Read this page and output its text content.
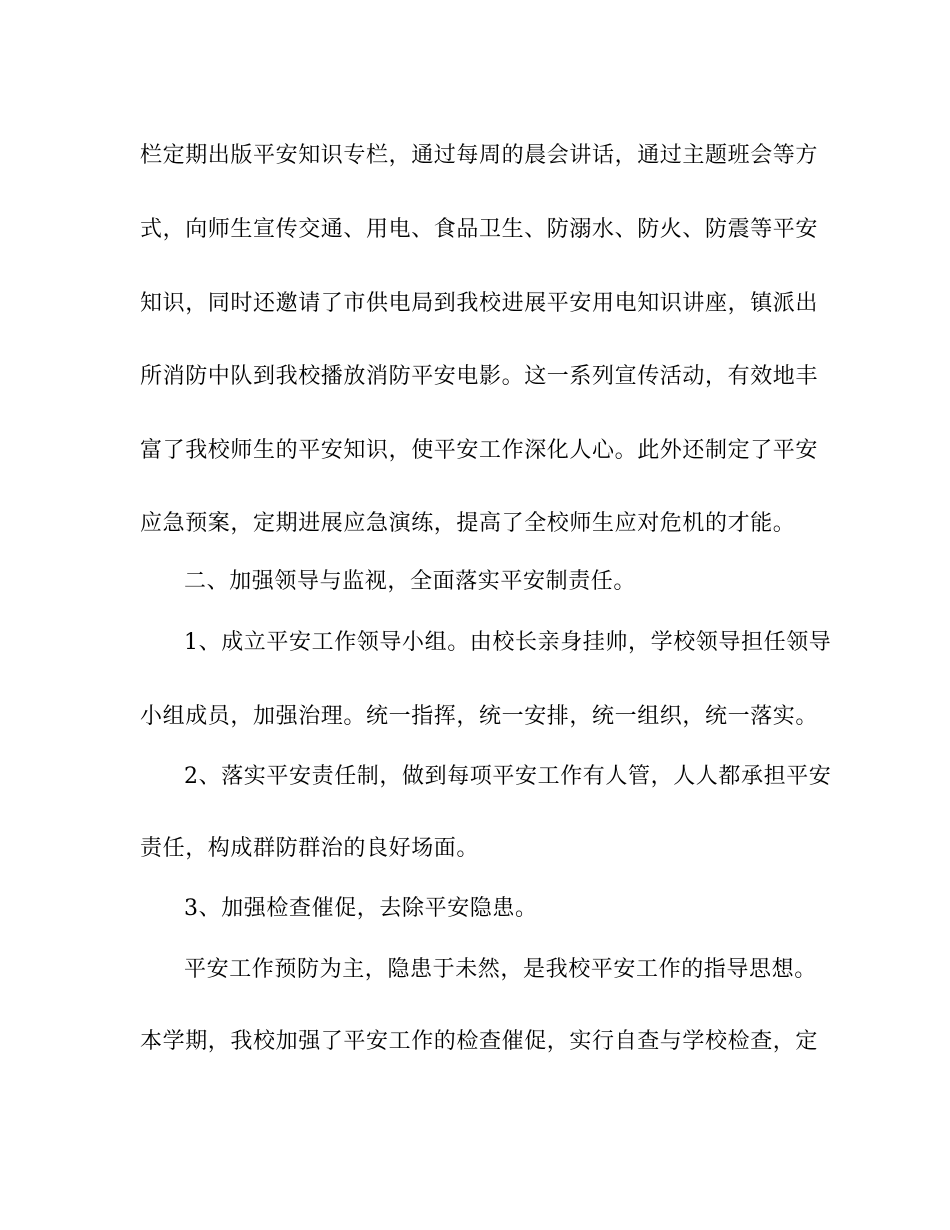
栏定期出版平安知识专栏，通过每周的晨会讲话，通过主题班会等方
式，向师生宣传交通、用电、食品卫生、防溺水、防火、防震等平安
知识，同时还邀请了市供电局到我校进展平安用电知识讲座，镇派出
所消防中队到我校播放消防平安电影。这一系列宣传活动，有效地丰
富了我校师生的平安知识，使平安工作深化人心。此外还制定了平安
应急预案，定期进展应急演练，提高了全校师生应对危机的才能。
二、加强领导与监视，全面落实平安制责任。
1、成立平安工作领导小组。由校长亲身挂帅，学校领导担任领导
小组成员，加强治理。统一指挥，统一安排，统一组织，统一落实。
2、落实平安责任制，做到每项平安工作有人管，人人都承担平安
责任，构成群防群治的良好场面。
3、加强检查催促，去除平安隐患。
平安工作预防为主，隐患于未然，是我校平安工作的指导思想。
本学期，我校加强了平安工作的检查催促，实行自查与学校检查，定
